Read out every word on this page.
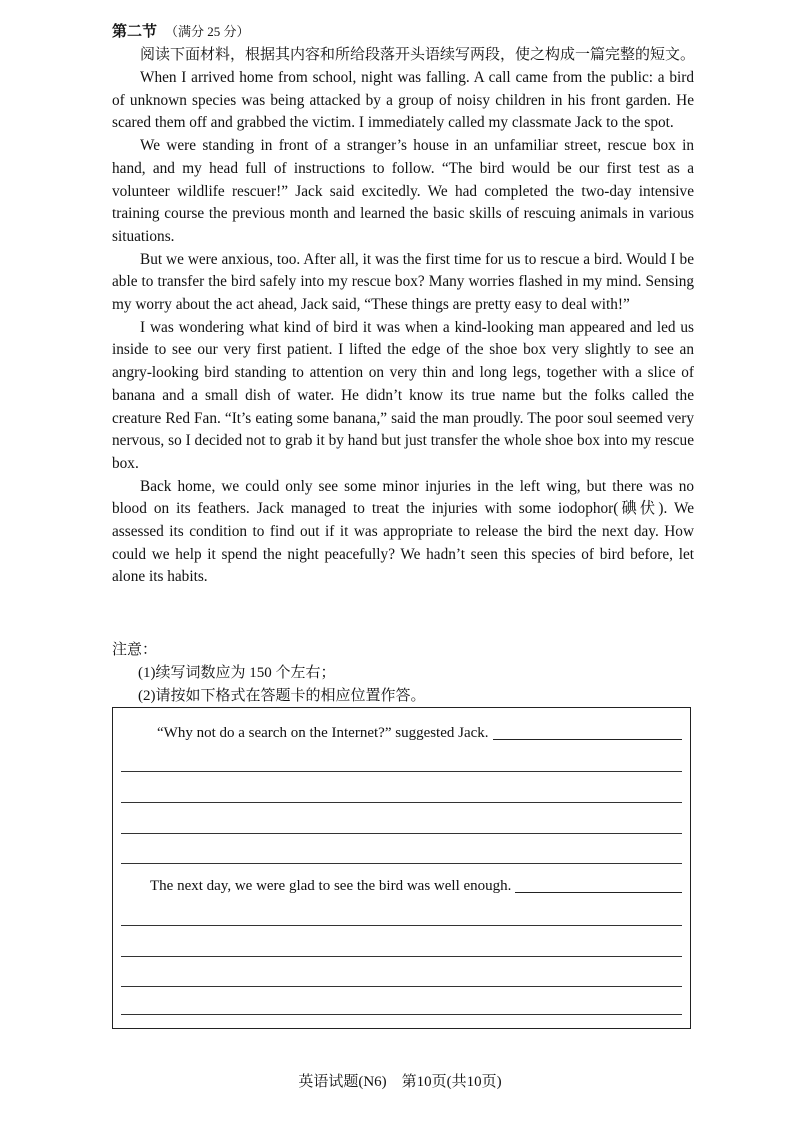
第二节 （满分 25 分）
阅读下面材料，根据其内容和所给段落开头语续写两段，使之构成一篇完整的短文。

When I arrived home from school, night was falling. A call came from the public: a bird of unknown species was being attacked by a group of noisy children in his front garden. He scared them off and grabbed the victim. I immediately called my classmate Jack to the spot.

We were standing in front of a stranger’s house in an unfamiliar street, rescue box in hand, and my head full of instructions to follow. “The bird would be our first test as a volunteer wildlife rescuer!” Jack said excitedly. We had completed the two-day intensive training course the previous month and learned the basic skills of rescuing animals in various situations.

But we were anxious, too. After all, it was the first time for us to rescue a bird. Would I be able to transfer the bird safely into my rescue box? Many worries flashed in my mind. Sensing my worry about the act ahead, Jack said, “These things are pretty easy to deal with!”

I was wondering what kind of bird it was when a kind-looking man appeared and led us inside to see our very first patient. I lifted the edge of the shoe box very slightly to see an angry-looking bird standing to attention on very thin and long legs, together with a slice of banana and a small dish of water. He didn’t know its true name but the folks called the creature Red Fan. “It’s eating some banana,” said the man proudly. The poor soul seemed very nervous, so I decided not to grab it by hand but just transfer the whole shoe box into my rescue box.

Back home, we could only see some minor injuries in the left wing, but there was no blood on its feathers. Jack managed to treat the injuries with some iodophor(碘伏). We assessed its condition to find out if it was appropriate to release the bird the next day. How could we help it spend the night peacefully? We hadn’t seen this species of bird before, let alone its habits.

注意：
(1)续写词数应为 150 个左右；
(2)请按如下格式在答题卡的相应位置作答。
“Why not do a search on the Internet?” suggested Jack.
The next day, we were glad to see the bird was well enough.
英语试题(N6)　第10页(共10页)
